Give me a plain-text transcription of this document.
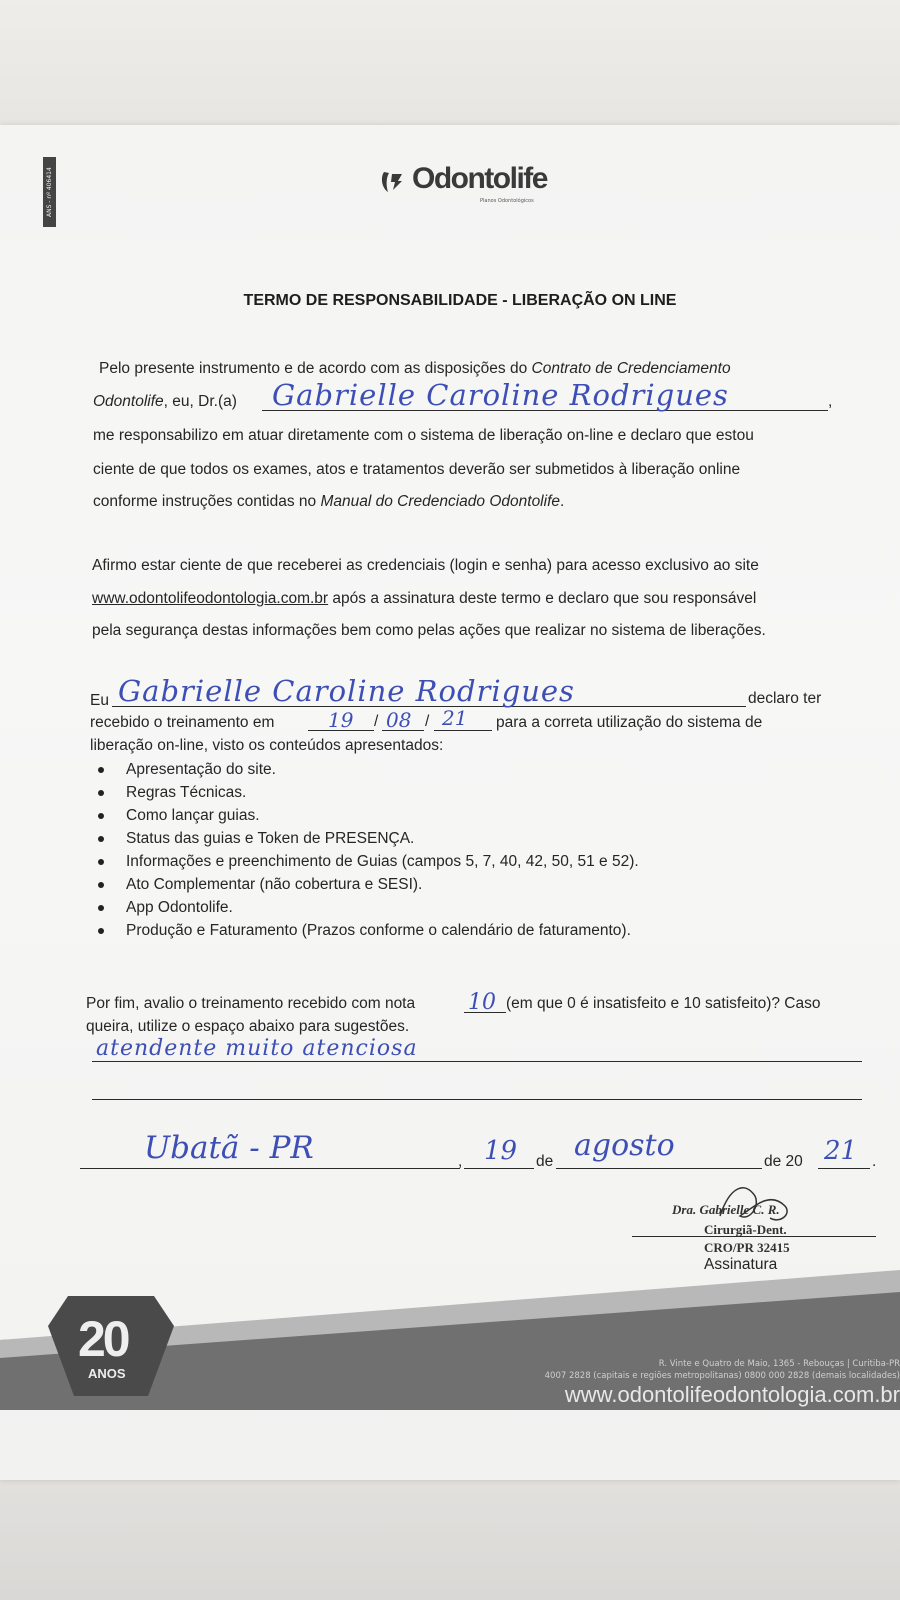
ANS - nº 406414	Odontolife
Planos Odontológicos
TERMO DE RESPONSABILIDADE - LIBERAÇÃO ON LINE
Pelo presente instrumento e de acordo com as disposições do Contrato de Credenciamento
Odontolife, eu, Dr.(a)	,
me responsabilizo em atuar diretamente com o sistema de liberação on-line e declaro que estou
ciente de que todos os exames, atos e tratamentos deverão ser submetidos à liberação online
conforme instruções contidas no Manual do Credenciado Odontolife.
Gabrielle Caroline Rodrigues
Afirmo estar ciente de que receberei as credenciais (login e senha) para acesso exclusivo ao site
www.odontolifeodontologia.com.br após a assinatura deste termo e declaro que sou responsável
pela segurança destas informações bem como pelas ações que realizar no sistema de liberações.
Eu	declaro ter
recebido o treinamento em	/	/	para a correta utilização do sistema de
liberação on-line, visto os conteúdos apresentados:
Gabrielle Caroline Rodrigues
19 08 21
Apresentação do site.
Regras Técnicas.
Como lançar guias.
Status das guias e Token de PRESENÇA.
Informações e preenchimento de Guias (campos 5, 7, 40, 42, 50, 51 e 52).
Ato Complementar (não cobertura e SESI).
App Odontolife.
Produção e Faturamento (Prazos conforme o calendário de faturamento).
Por fim, avalio o treinamento recebido com nota	(em que 0 é insatisfeito e 10 satisfeito)? Caso
queira, utilize o espaço abaixo para sugestões.
10
atendente muito atenciosa
Ubatã - PR	,	de	de 20	.
19 agosto	21
Dra. Gabrielle C. R.
Cirurgiã-Dent.
CRO/PR 32415
Assinatura
20
ANOS
R. Vinte e Quatro de Maio, 1365 - Rebouças | Curitiba-PR
4007 2828 (capitais e regiões metropolitanas) 0800 000 2828 (demais localidades)
www.odontolifeodontologia.com.br
